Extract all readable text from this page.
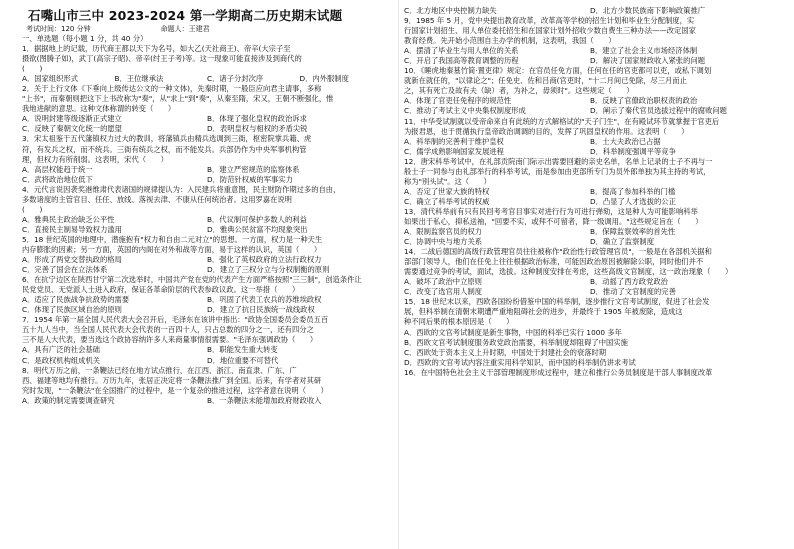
石嘴山市三中 2023-2024 第一学期高二历史期末试题
考试时间：120 分钟	命题人：王建君
一、单选题（每小题 1 分，共 40 分）
1．据据地上的记载，历代商王都以天下为名号，如大乙(天社商王)、帝辛(大宗子至
摄欲(图腾子如)，武丁(高宗子昭)、帝辛(纣王子考)等。这一现象可能直接涉及到商代的
(　　)
A．国家组织形式	B．王位继承法	C．诸子分封次序	D．内外服制度
2．关于上行文体《下垂向上级传达公文的一种文体)，先秦时期，一般臣应向君主请事，多称
"上书"，而秦朝则把这下上书改称为"奏"，从"求上"到"奏"，从秦至隋，宋又，王朝不断强化，惟
我地进献的意思。这种文体称谓的转变（　　）
A．说明封建等级逐渐正式建立	B．体现了强化皇权的政治诉求
C．反映了秦朝文化统一的愿望	D．表明皇权与相权的矛盾尖锐
3．宋太祖鉴于五代藩镇权力过大的教训，将藩镇兵由精兵选调到三衙，枢密院掌兵籍、虎
符，有发兵之权，而不统兵。三衙有统兵之权，而不能发兵。兵部仍作为中央军事机构管
理，但权力有所削弱。这表明，宋代（　　）
A．高层权能趋于统一	B．建立严密规范的监察体系
C．武将政治地位低下	D．防范针权威的军事实力
4．元代言说因袭奖港维肃代表诸国的规律提认为：入民建兵将重意图，民主财防作期过多的自由，
多数诸度的主管官目、任任、放线、落视去津、不康从任何统治者。这用罗嘉在说明
(　　)
A．雅典民主政治缺乏公平性	B．代议制可保护多数人的利益
C．直接民主制易导致权力滥用	D．雅典公民贫富不均现象突出
5．18 世纪英国的地理中，潜施抱有"权力和自由二元对立"的思想。一方面，权力是一种天生
内存膨胀的因素；另一方面，英国的内阁在对外和战等方面，易于这样的认识，英国（　　）
A．形成了两党交替执政的格局	B．强化了英权政府的立法行政权力
C．完善了国会在立法体系	D．建立了三权分立与分权制衡的原则
6．在抗宁边区在陕西甘宁第二次选举时，中国共产党在党的代表产生方面严格按照"三三制"，创造条件让
民党党员、无党派人士进入政府，保证各革命阶层的代表参政议政。这一举措（　　）
A．适应了民族战争抗敌势的需要	B．巩固了代表工农兵的苏维埃政权
C．体现了民族区域自治的原则	D．建立了抗日民族统一战线政权
7．1954 年第一届全国人民代表大会召开后，毛泽东在该讲中指出："政协全国委员会委员五百
五十九人当中，当全国人民代表大会代表的一百四十人，只占总数的四分之一，还有四分之
三不是人大代表，要当选这个政协容纳许多人来商量事情很需要。"毛泽东强调政协（　　）
A．具有广泛的社会基础	B．职能发生重大转变
C．是政权机构组成机关	D．地位重要不可替代
8．明代万历之前，一条鞭法已经在地方试点推行，在江西、浙江、南直隶、广东、广
西、福建等地均有推行。万历九年，张居正决定将一条鞭法推广到全国。后来，有学者对其研
究时发现，"一条鞭法"在全国推广的过程中，是一个复杂的推进过程，这学者意在说明（　　）
A．政策的制定需要调查研究	B．一条鞭法未能增加政府财政收入
C．北方地区中央控制力缺失	D．北方少数民族南下影响政策推广
9．1985 年 5 月，党中央提出教育改革，改革高等学校的招生计划和毕业生分配制度，实
行国家计划招生、用人单位委托招生和在国家计划外招收少数自费生三种办法——改定国家
教育经费。先开始小范围自主办学的机制，这表明，我国（　　）
A．摆清了毕业生与用人单位的关系	B．建立了社会主义市场经济体制
C．开启了我国高等教育调整的历程	D．解决了国家财政收入紧张的问题
10．《睡虎地秦墓竹简·置吏律》规定：在官员任免方面，任何在任的官吏都可以吏，或私下调划
就新在就任的，"以律论之"；任免史、佐和吕商(官吏时，"十二月间已免除，尽三月而止
之，其有死亡及故有夫（缺）者，为补之，毋须时"。这些规定（　　）
A．体现了官吏任免程序的规范性	B．反映了官僚政治职权责的政治
C．推动了考试主义中央集权制度形成	D．阐示了秦代官员选拔过程中的腐败问题
11．中华受试制就以受帝命来自有此统的方式解格试的"天子门生"，在有殿试环节就掌握于官吏后
为报君恩，也于贯循执行皇帝政治调调的目的，发挥了巩固皇权的作用。这表明（　　）
A．科举制的完善利于维护皇权	B．士大夫政治已占据
C．儒学成熟影响国家发展进程	D．科举制度强调平等竞争
12．唐宋科举考试中，在礼部贡院南门际示出需要回避的亲史名单，名单上记录的士子不再与一
般士子一同参与由礼部举行的科举考试，而是参加由吏部所专门为员外郎单独为其主持的考试，
称为"别头试"。这（　　）
A．否定了世家大族的特权	B．提高了参加科举的门槛
C．确立了科举考试的权威	D．凸显了人才选拔的公正
13．清代科举前有只有民回考考官目事实对进行行为可进行弹劾，这是种人为可能影响科举
如果出于私心，抑私送袖，"回要不实，或拜不可留者，降一级调用。"这些规定旨在（　　）
A．限制监察官员的权力	B．保障监察效率的首先性
C．协调中央与地方关系	D．确立了监察制度
14．二战后德国的高级行政管理官员往往被称作"政治性行政管理官员"，一般是在各部机关据和
部部门领导人，他们在任免上往往根据政治标准，可能因政治原因被解除公职，同时他们并不
需要通过竞争的考试，面试，选拔。这种制度安排在考虑，这些高级文官制度，这一政治现象（　　）
A．破坏了政治中立原则	B．动摇了西方政党政治
C．改变了选官用人制度	D．推动了文官制度的完善
15．18 世纪末以来，西欧各国纷纷借鉴中国的科举制，逐步推行文官考试制度，促进了社会发
展，但科举制在清朝末期遭严重地阻碍社会的进步，并最终于 1905 年被废除，造成这
种不同后果的根本原因是（　　）
A．西欧的文官考试制度是新生事物，中国的科举已实行 1000 多年
B．西欧文官考试制度服务政党政治需要，科举制度却阻碍了中国实施
C．西欧处于资本主义上升时期，中国处于封建社会的衰落时期
D．西欧的文官考试内容注重实用科学知识，而中国的科举制仍讲求考试
16．在中国特色社会主义干部管理制度形成过程中，建立和推行公务员制度是干部人事制度改革
